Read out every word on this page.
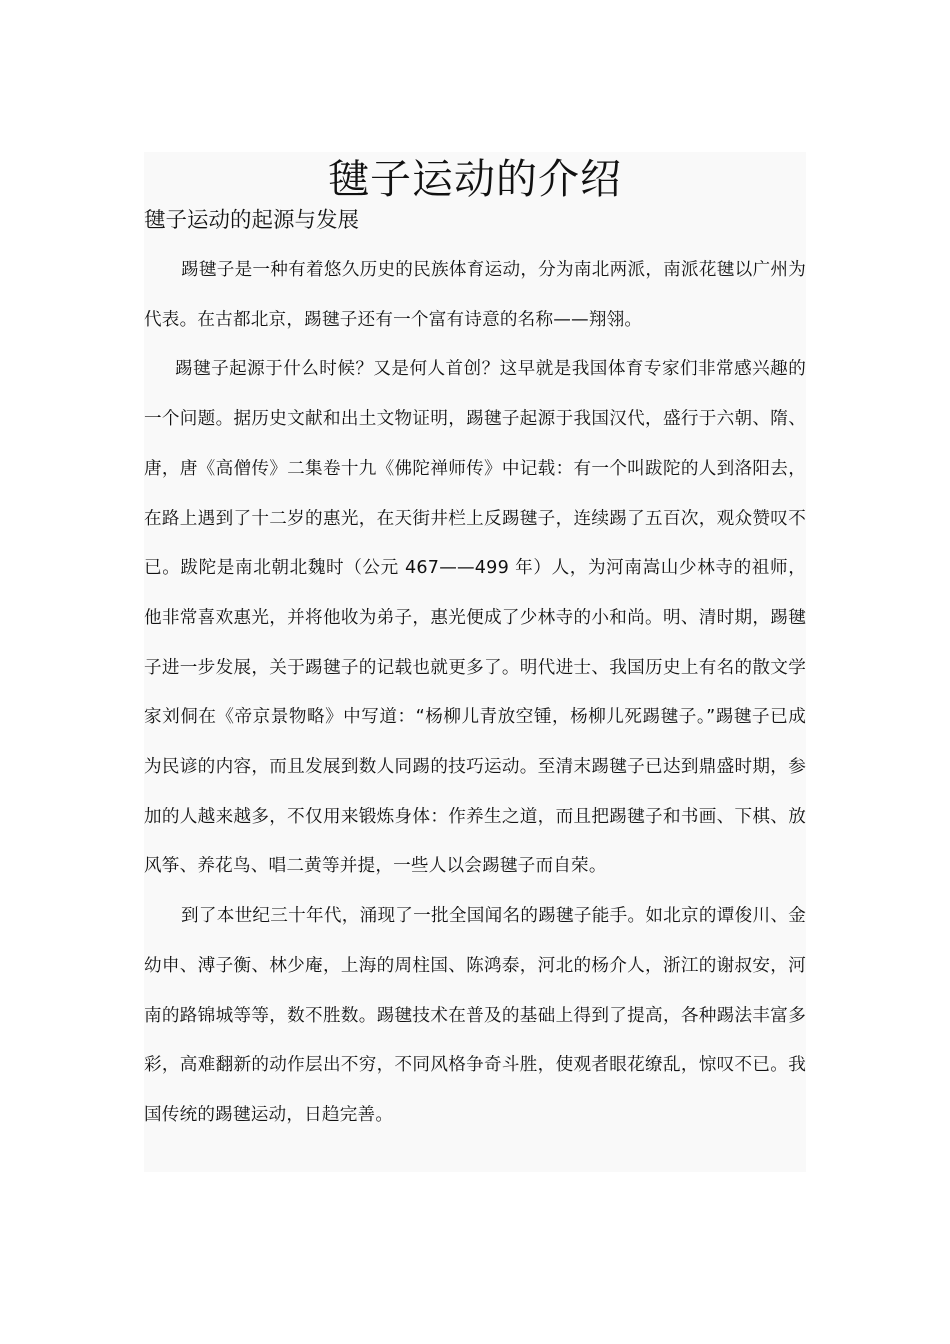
毽子运动的介绍
毽子运动的起源与发展

踢毽子是一种有着悠久历史的民族体育运动，分为南北两派，南派花毽以广州为代表。在古都北京，踢毽子还有一个富有诗意的名称——翔翎。

踢毽子起源于什么时候？又是何人首创？这早就是我国体育专家们非常感兴趣的一个问题。据历史文献和出土文物证明，踢毽子起源于我国汉代，盛行于六朝、隋、唐，唐《高僧传》二集卷十九《佛陀禅师传》中记载：有一个叫跋陀的人到洛阳去，在路上遇到了十二岁的惠光，在天街井栏上反踢毽子，连续踢了五百次，观众赞叹不已。跋陀是南北朝北魏时（公元 467——499 年）人，为河南嵩山少林寺的祖师，他非常喜欢惠光，并将他收为弟子，惠光便成了少林寺的小和尚。明、清时期，踢毽子进一步发展，关于踢毽子的记载也就更多了。明代进士、我国历史上有名的散文学家刘侗在《帝京景物略》中写道：“杨柳儿青放空锺，杨柳儿死踢毽子。”踢毽子已成为民谚的内容，而且发展到数人同踢的技巧运动。至清末踢毽子已达到鼎盛时期，参加的人越来越多，不仅用来锻炼身体：作养生之道，而且把踢毽子和书画、下棋、放风筝、养花鸟、唱二黄等并提，一些人以会踢毽子而自荣。

到了本世纪三十年代，涌现了一批全国闻名的踢毽子能手。如北京的谭俊川、金幼申、溥子衡、林少庵，上海的周柱国、陈鸿泰，河北的杨介人，浙江的谢叔安，河南的路锦城等等，数不胜数。踢毽技术在普及的基础上得到了提高，各种踢法丰富多彩，高难翻新的动作层出不穷，不同风格争奇斗胜，使观者眼花缭乱，惊叹不已。我国传统的踢毽运动，日趋完善。
